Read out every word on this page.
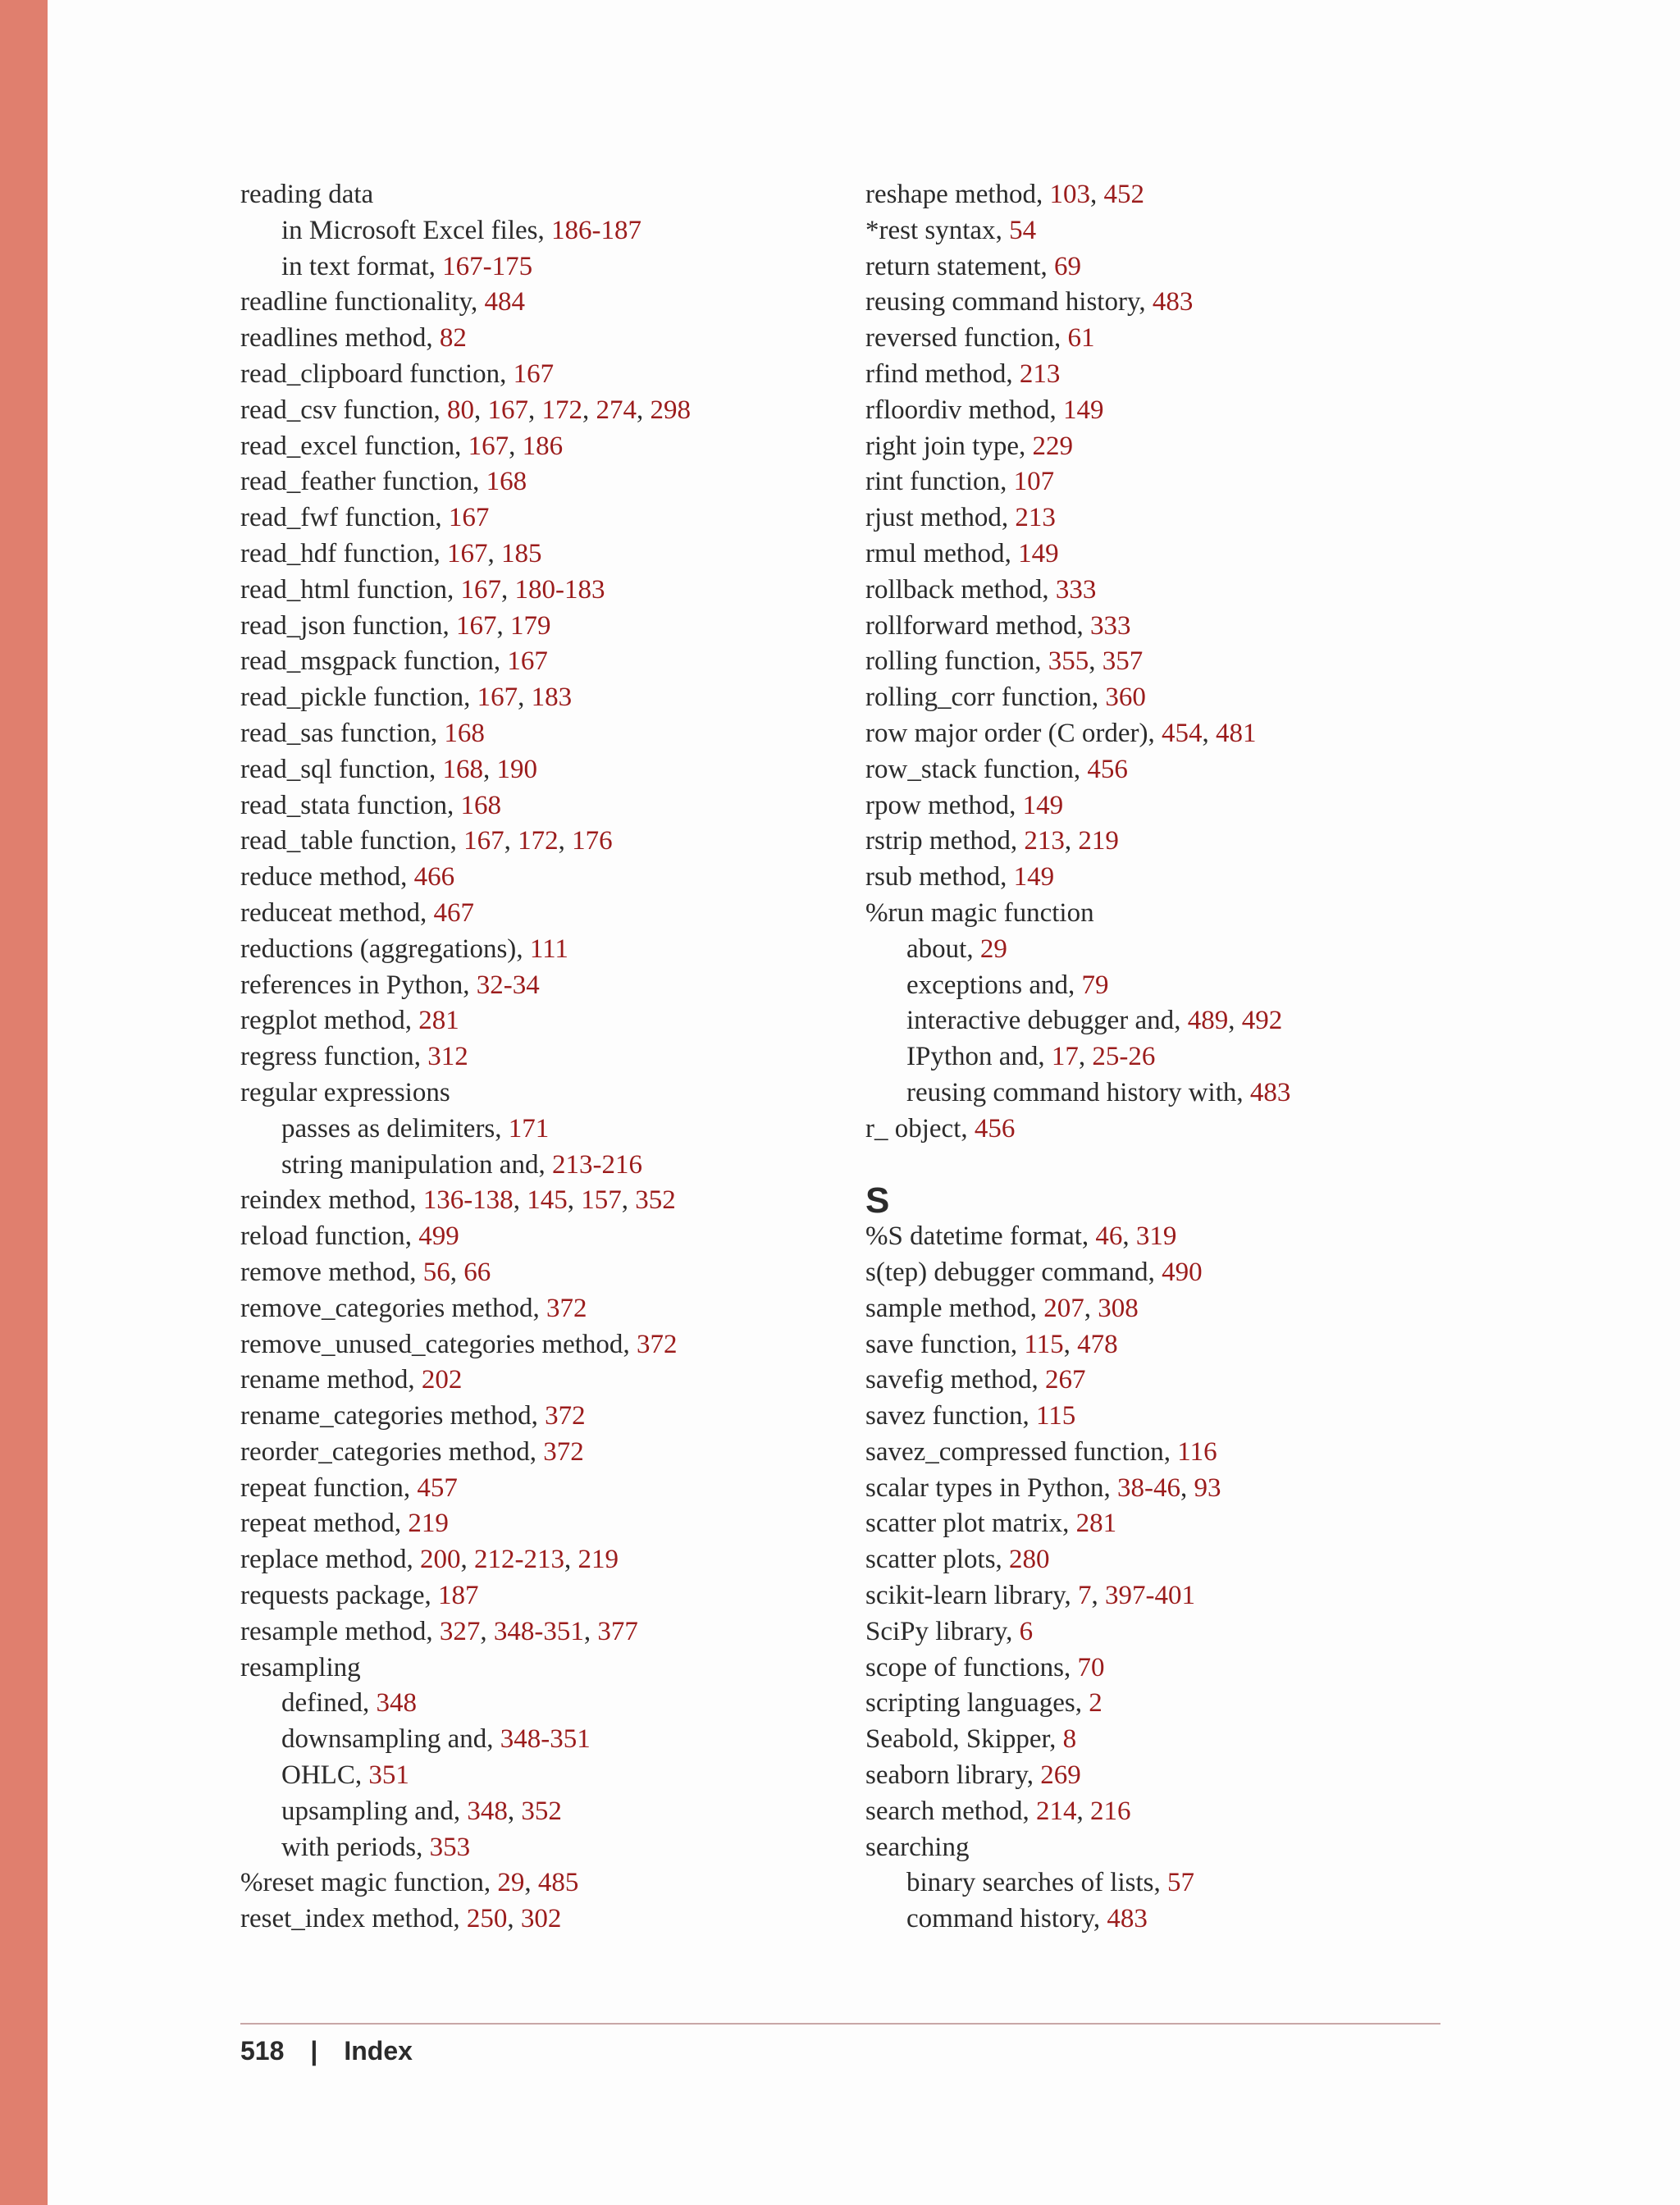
reading data
in Microsoft Excel files, 186-187
in text format, 167-175
readline functionality, 484
readlines method, 82
read_clipboard function, 167
read_csv function, 80, 167, 172, 274, 298
read_excel function, 167, 186
read_feather function, 168
read_fwf function, 167
read_hdf function, 167, 185
read_html function, 167, 180-183
read_json function, 167, 179
read_msgpack function, 167
read_pickle function, 167, 183
read_sas function, 168
read_sql function, 168, 190
read_stata function, 168
read_table function, 167, 172, 176
reduce method, 466
reduceat method, 467
reductions (aggregations), 111
references in Python, 32-34
regplot method, 281
regress function, 312
regular expressions
passes as delimiters, 171
string manipulation and, 213-216
reindex method, 136-138, 145, 157, 352
reload function, 499
remove method, 56, 66
remove_categories method, 372
remove_unused_categories method, 372
rename method, 202
rename_categories method, 372
reorder_categories method, 372
repeat function, 457
repeat method, 219
replace method, 200, 212-213, 219
requests package, 187
resample method, 327, 348-351, 377
resampling
defined, 348
downsampling and, 348-351
OHLC, 351
upsampling and, 348, 352
with periods, 353
%reset magic function, 29, 485
reset_index method, 250, 302
reshape method, 103, 452
*rest syntax, 54
return statement, 69
reusing command history, 483
reversed function, 61
rfind method, 213
rfloordiv method, 149
right join type, 229
rint function, 107
rjust method, 213
rmul method, 149
rollback method, 333
rollforward method, 333
rolling function, 355, 357
rolling_corr function, 360
row major order (C order), 454, 481
row_stack function, 456
rpow method, 149
rstrip method, 213, 219
rsub method, 149
%run magic function
about, 29
exceptions and, 79
interactive debugger and, 489, 492
IPython and, 17, 25-26
reusing command history with, 483
r_ object, 456
S
%S datetime format, 46, 319
s(tep) debugger command, 490
sample method, 207, 308
save function, 115, 478
savefig method, 267
savez function, 115
savez_compressed function, 116
scalar types in Python, 38-46, 93
scatter plot matrix, 281
scatter plots, 280
scikit-learn library, 7, 397-401
SciPy library, 6
scope of functions, 70
scripting languages, 2
Seabold, Skipper, 8
seaborn library, 269
search method, 214, 216
searching
binary searches of lists, 57
command history, 483
518 | Index
